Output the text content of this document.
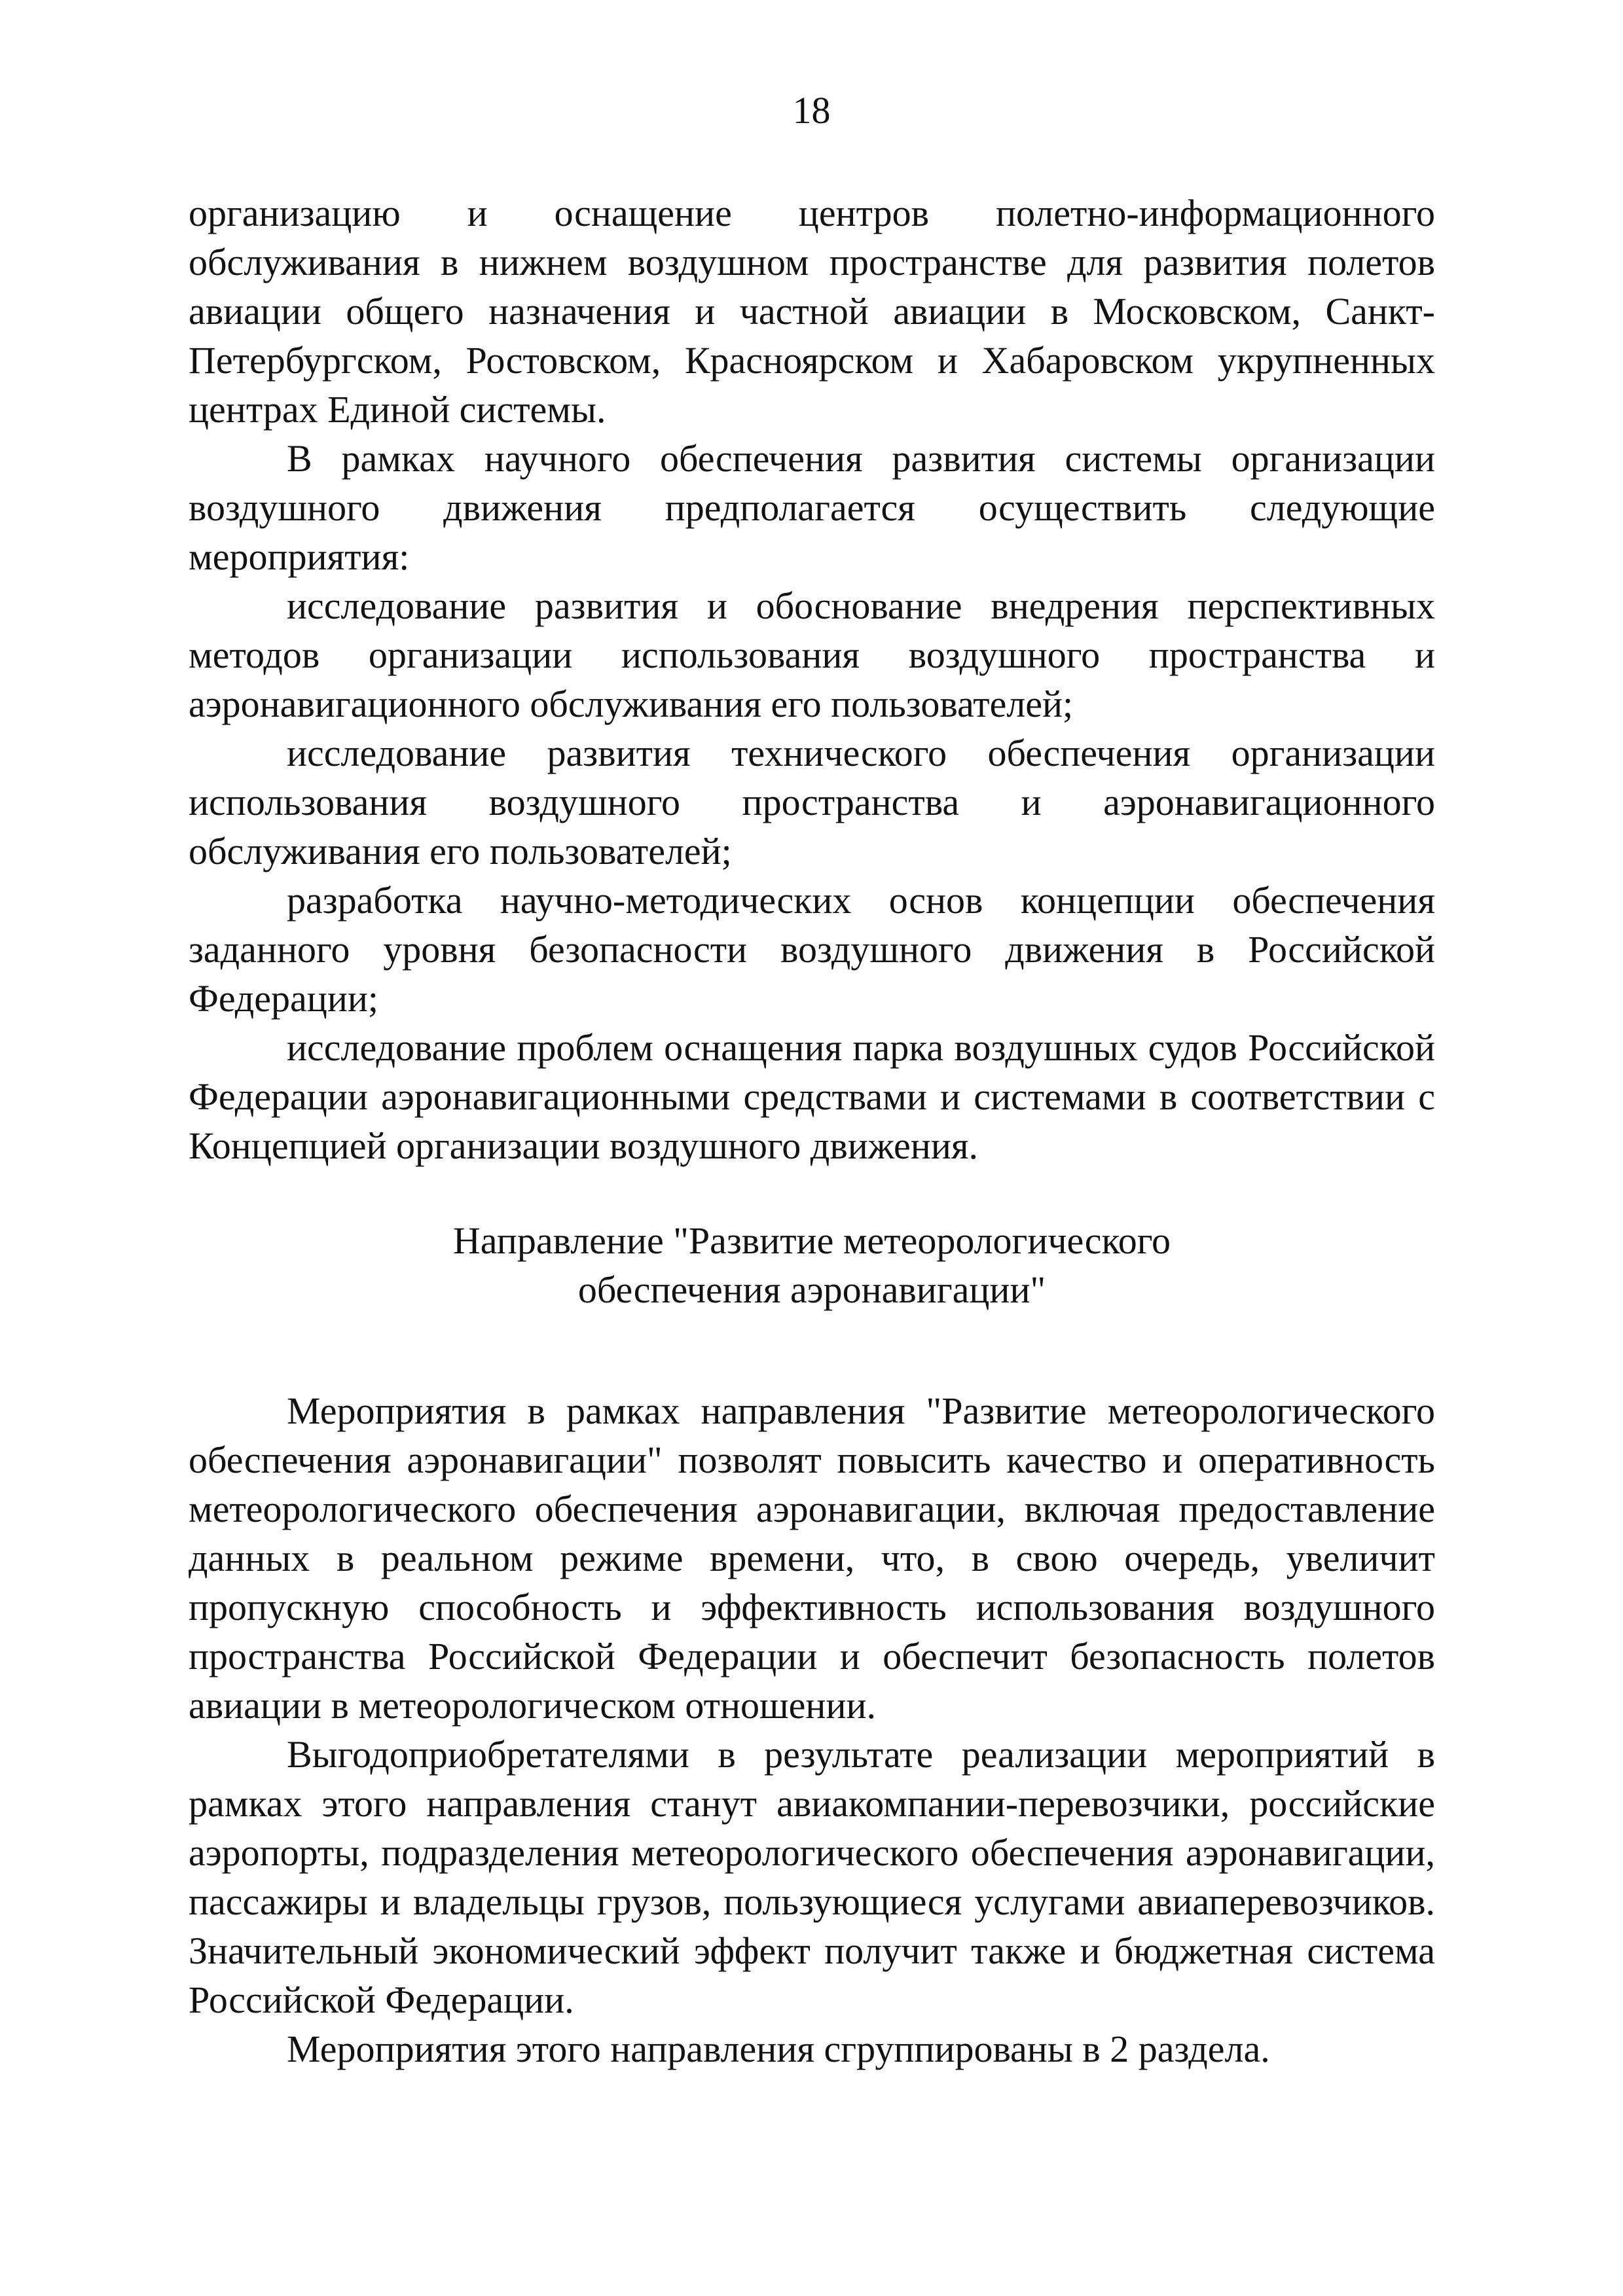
18

организацию и оснащение центров полетно-информационного обслуживания в нижнем воздушном пространстве для развития полетов авиации общего назначения и частной авиации в Московском, Санкт-Петербургском, Ростовском, Красноярском и Хабаровском укрупненных центрах Единой системы.

В рамках научного обеспечения развития системы организации воздушного движения предполагается осуществить следующие мероприятия:

исследование развития и обоснование внедрения перспективных методов организации использования воздушного пространства и аэронавигационного обслуживания его пользователей;

исследование развития технического обеспечения организации использования воздушного пространства и аэронавигационного обслуживания его пользователей;

разработка научно-методических основ концепции обеспечения заданного уровня безопасности воздушного движения в Российской Федерации;

исследование проблем оснащения парка воздушных судов Российской Федерации аэронавигационными средствами и системами в соответствии с Концепцией организации воздушного движения.

Направление "Развитие метеорологического
обеспечения аэронавигации"

Мероприятия в рамках направления "Развитие метеорологического обеспечения аэронавигации" позволят повысить качество и оперативность метеорологического обеспечения аэронавигации, включая предоставление данных в реальном режиме времени, что, в свою очередь, увеличит пропускную способность и эффективность использования воздушного пространства Российской Федерации и обеспечит безопасность полетов авиации в метеорологическом отношении.

Выгодоприобретателями в результате реализации мероприятий в рамках этого направления станут авиакомпании-перевозчики, российские аэропорты, подразделения метеорологического обеспечения аэронавигации, пассажиры и владельцы грузов, пользующиеся услугами авиаперевозчиков. Значительный экономический эффект получит также и бюджетная система Российской Федерации.

Мероприятия этого направления сгруппированы в 2 раздела.
